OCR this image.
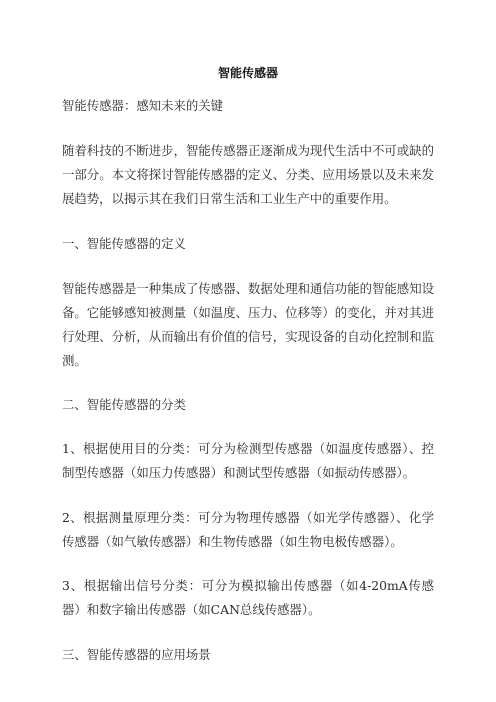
智能传感器
智能传感器：感知未来的关键
随着科技的不断进步，智能传感器正逐渐成为现代生活中不可或缺的一部分。本文将探讨智能传感器的定义、分类、应用场景以及未来发展趋势，以揭示其在我们日常生活和工业生产中的重要作用。
一、智能传感器的定义
智能传感器是一种集成了传感器、数据处理和通信功能的智能感知设备。它能够感知被测量（如温度、压力、位移等）的变化，并对其进行处理、分析，从而输出有价值的信号，实现设备的自动化控制和监测。
二、智能传感器的分类
1、根据使用目的分类：可分为检测型传感器（如温度传感器）、控制型传感器（如压力传感器）和测试型传感器（如振动传感器）。
2、根据测量原理分类：可分为物理传感器（如光学传感器）、化学传感器（如气敏传感器）和生物传感器（如生物电极传感器）。
3、根据输出信号分类：可分为模拟输出传感器（如4-20mA传感器）和数字输出传感器（如CAN总线传感器）。
三、智能传感器的应用场景
